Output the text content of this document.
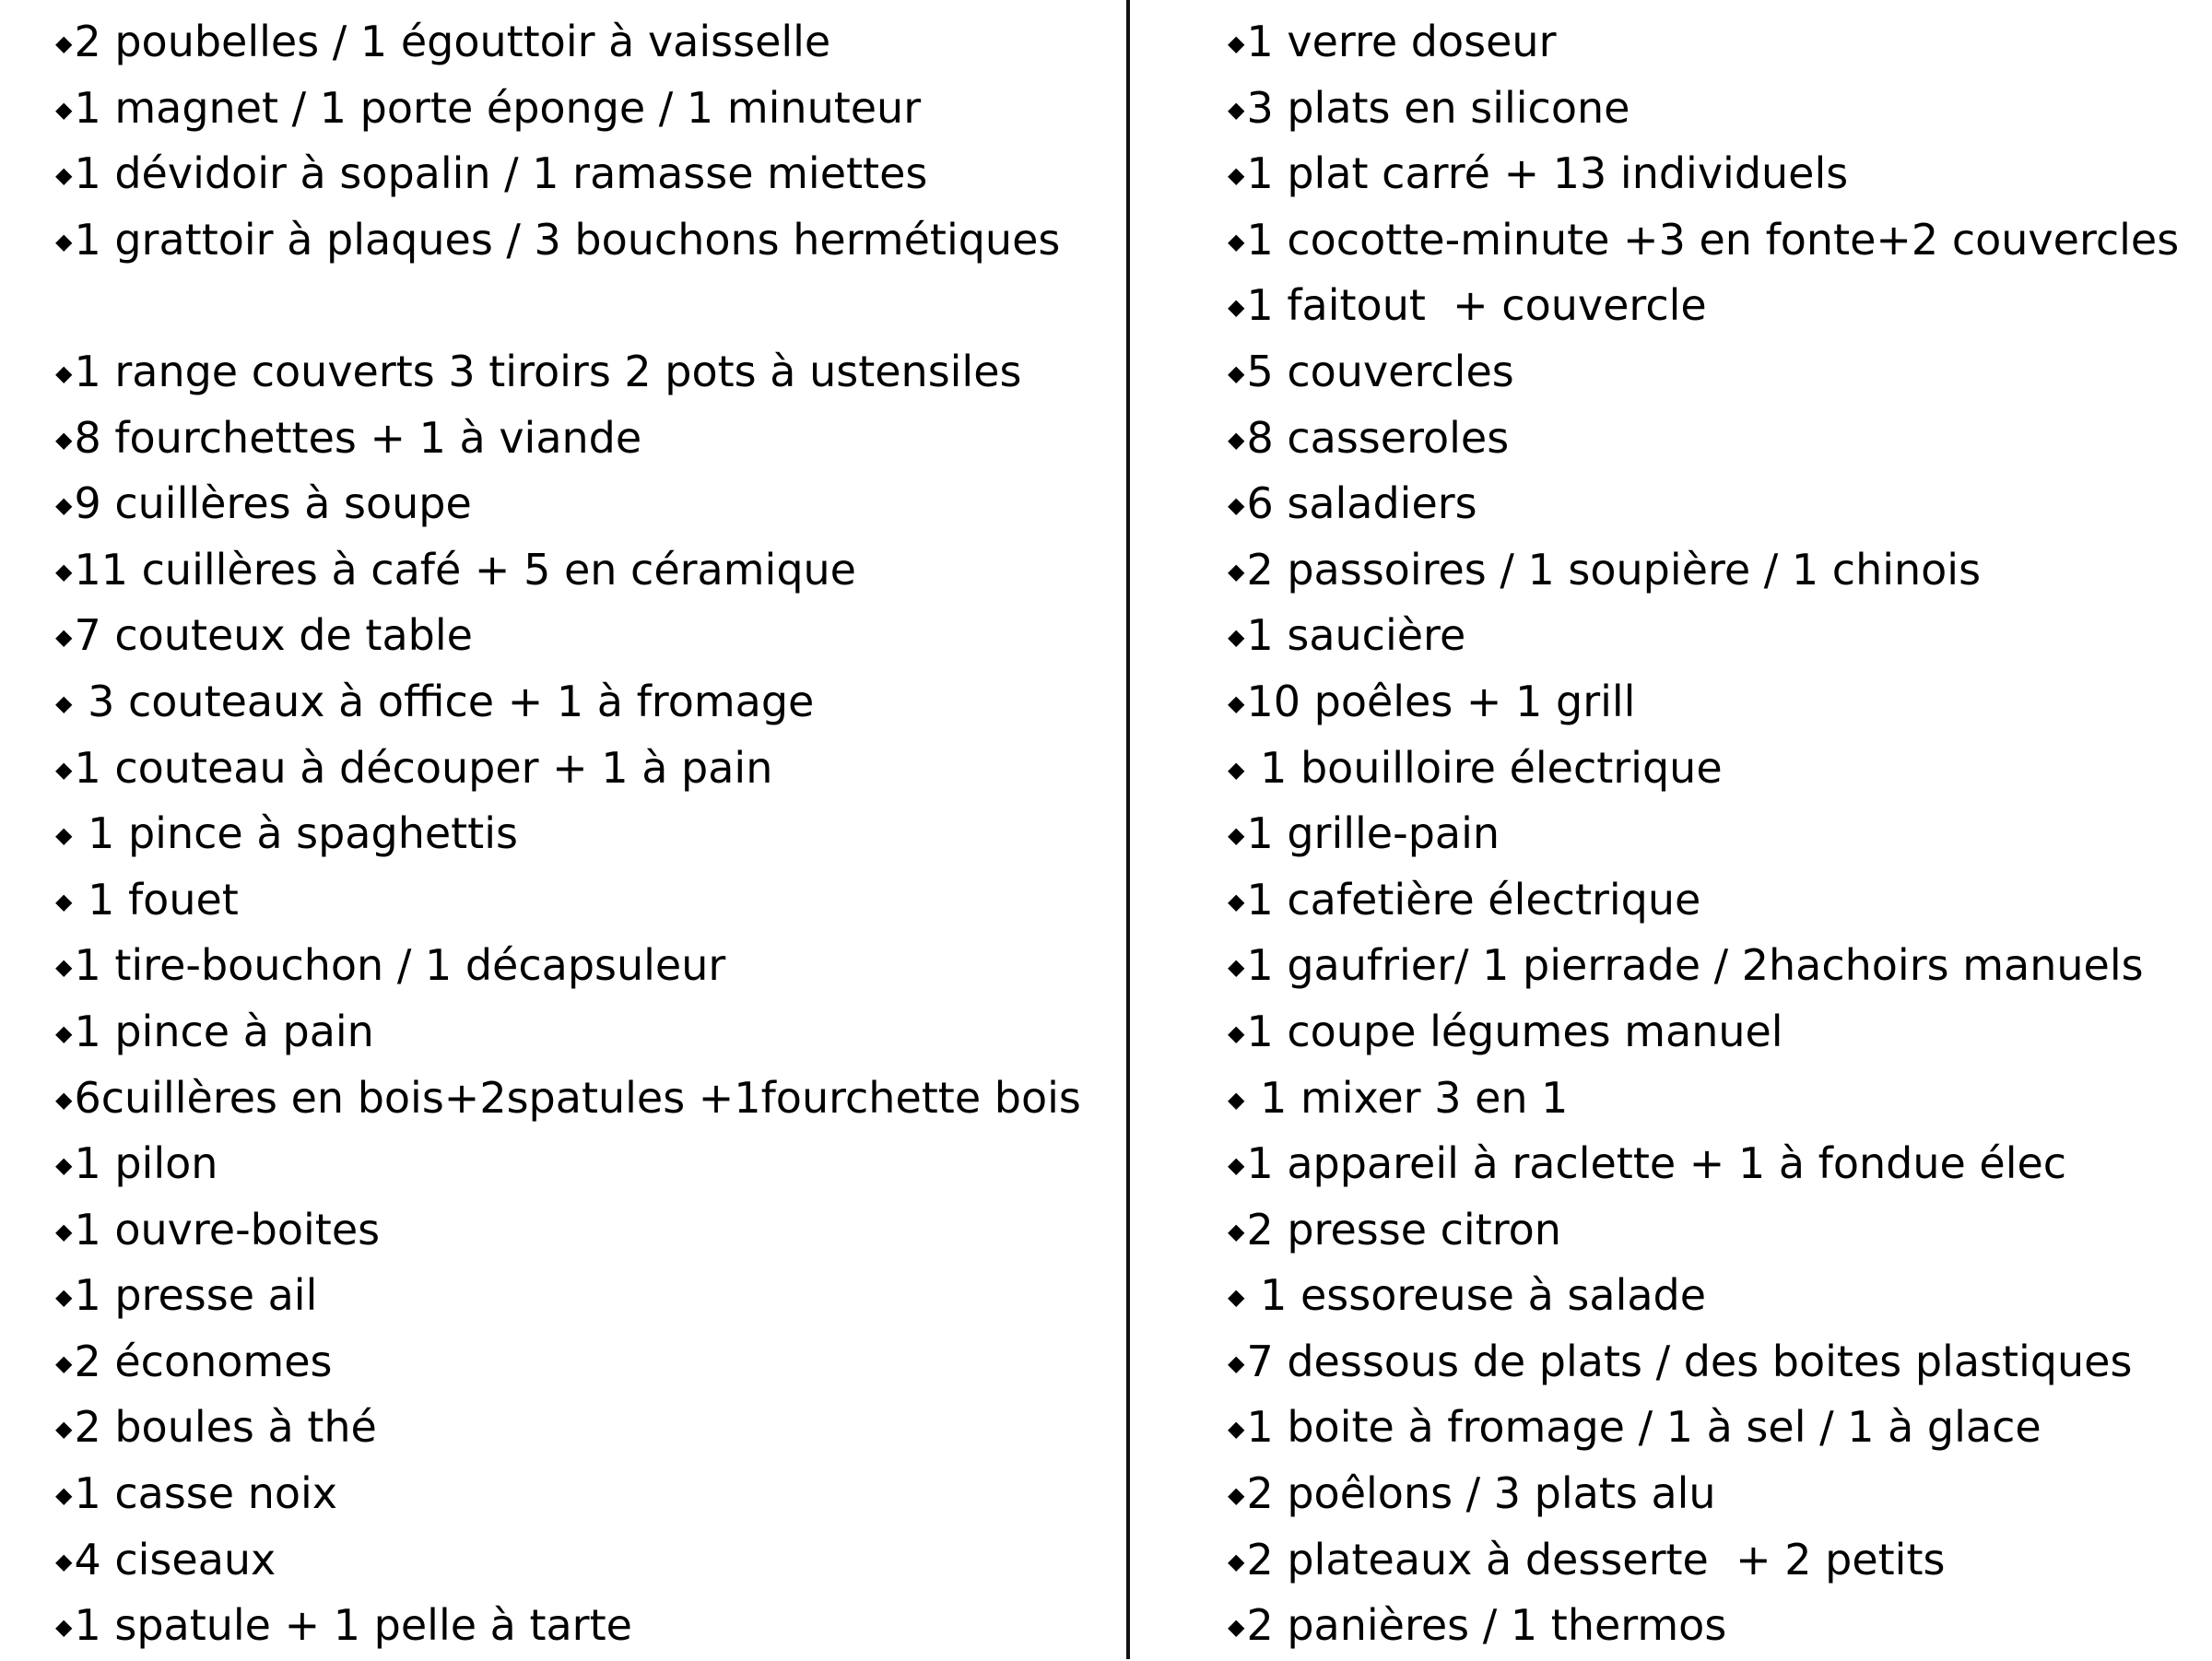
◆2 poubelles / 1 égouttoir à vaisselle
◆1 magnet / 1 porte éponge / 1 minuteur
◆1 dévidoir à sopalin / 1 ramasse miettes
◆1 grattoir à plaques / 3 bouchons hermétiques
◆1 range couverts 3 tiroirs 2 pots à ustensiles
◆8 fourchettes + 1 à viande
◆9 cuillères à soupe
◆11 cuillères à café + 5 en céramique
◆7 couteux de table
◆ 3 couteaux à office + 1 à fromage
◆1 couteau à découper + 1 à pain
◆ 1 pince à spaghettis
◆ 1 fouet
◆1 tire-bouchon / 1 décapsuleur
◆1 pince à pain
◆6cuillères en bois+2spatules +1fourchette bois
◆1 pilon
◆1 ouvre-boites
◆1 presse ail
◆2 économes
◆2 boules à thé
◆1 casse noix
◆4 ciseaux
◆1 spatule + 1 pelle à tarte
◆1 verre doseur
◆3 plats en silicone
◆1 plat carré + 13 individuels
◆1 cocotte-minute +3 en fonte+2 couvercles
◆1 faitout  + couvercle
◆5 couvercles
◆8 casseroles
◆6 saladiers
◆2 passoires / 1 soupière / 1 chinois
◆1 saucière
◆10 poêles + 1 grill
◆ 1 bouilloire électrique
◆1 grille-pain
◆1 cafetière électrique
◆1 gaufrier/ 1 pierrade / 2hachoirs manuels
◆1 coupe légumes manuel
◆ 1 mixer 3 en 1
◆1 appareil à raclette + 1 à fondue élec
◆2 presse citron
◆ 1 essoreuse à salade
◆7 dessous de plats / des boites plastiques
◆1 boite à fromage / 1 à sel / 1 à glace
◆2 poêlons / 3 plats alu
◆2 plateaux à desserte  + 2 petits
◆2 panières / 1 thermos
